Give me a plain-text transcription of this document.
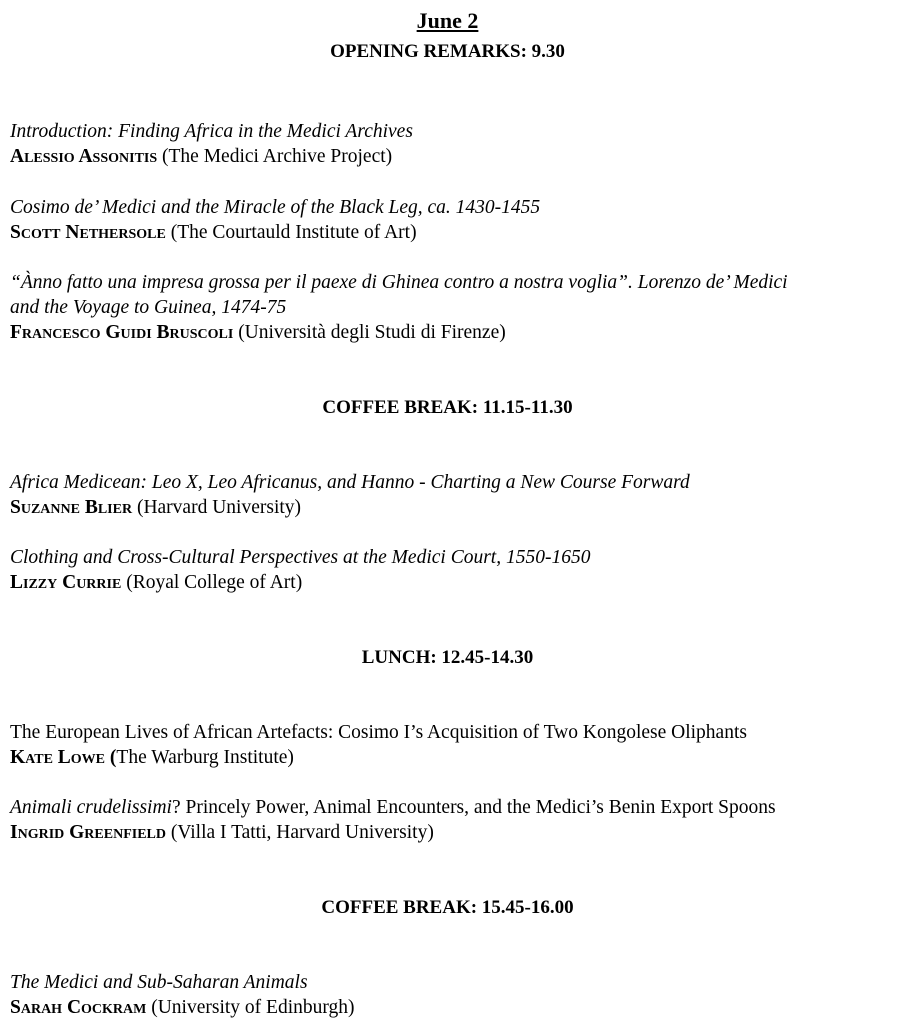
June 2
OPENING REMARKS: 9.30
Introduction: Finding Africa in the Medici Archives
Alessio Assonitis (The Medici Archive Project)
Cosimo de’ Medici and the Miracle of the Black Leg, ca. 1430-1455
Scott Nethersole (The Courtauld Institute of Art)
“Ànno fatto una impresa grossa per il paexe di Ghinea contro a nostra voglia”. Lorenzo de’ Medici
and the Voyage to Guinea, 1474-75
Francesco Guidi Bruscoli (Università degli Studi di Firenze)
COFFEE BREAK: 11.15-11.30
Africa Medicean: Leo X, Leo Africanus, and Hanno - Charting a New Course Forward
Suzanne Blier (Harvard University)
Clothing and Cross-Cultural Perspectives at the Medici Court, 1550-1650
Lizzy Currie (Royal College of Art)
LUNCH: 12.45-14.30
The European Lives of African Artefacts: Cosimo I’s Acquisition of Two Kongolese Oliphants
Kate Lowe (The Warburg Institute)
Animali crudelissimi? Princely Power, Animal Encounters, and the Medici’s Benin Export Spoons
Ingrid Greenfield (Villa I Tatti, Harvard University)
COFFEE BREAK: 15.45-16.00
The Medici and Sub-Saharan Animals
Sarah Cockram (University of Edinburgh)
